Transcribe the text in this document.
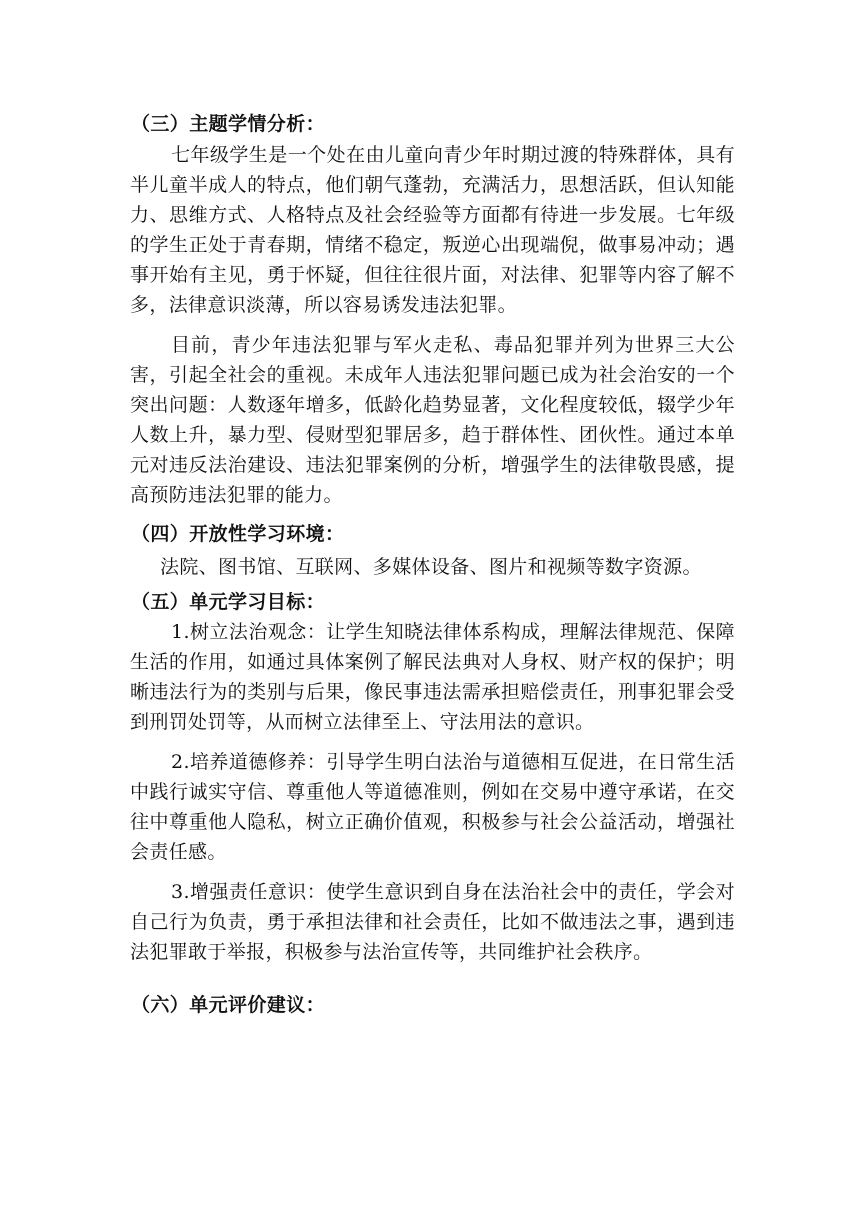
（三）主题学情分析：

七年级学生是一个处在由儿童向青少年时期过渡的特殊群体，具有半儿童半成人的特点，他们朝气蓬勃，充满活力，思想活跃，但认知能力、思维方式、人格特点及社会经验等方面都有待进一步发展。七年级的学生正处于青春期，情绪不稳定，叛逆心出现端倪，做事易冲动；遇事开始有主见，勇于怀疑，但往往很片面，对法律、犯罪等内容了解不多，法律意识淡薄，所以容易诱发违法犯罪。

目前，青少年违法犯罪与军火走私、毒品犯罪并列为世界三大公害，引起全社会的重视。未成年人违法犯罪问题已成为社会治安的一个突出问题：人数逐年增多，低龄化趋势显著，文化程度较低，辍学少年人数上升，暴力型、侵财型犯罪居多，趋于群体性、团伙性。通过本单元对违反法治建设、违法犯罪案例的分析，增强学生的法律敬畏感，提高预防违法犯罪的能力。

（四）开放性学习环境：

法院、图书馆、互联网、多媒体设备、图片和视频等数字资源。

（五）单元学习目标：

1.树立法治观念：让学生知晓法律体系构成，理解法律规范、保障生活的作用，如通过具体案例了解民法典对人身权、财产权的保护；明晰违法行为的类别与后果，像民事违法需承担赔偿责任，刑事犯罪会受到刑罚处罚等，从而树立法律至上、守法用法的意识。

2.培养道德修养：引导学生明白法治与道德相互促进，在日常生活中践行诚实守信、尊重他人等道德准则，例如在交易中遵守承诺，在交往中尊重他人隐私，树立正确价值观，积极参与社会公益活动，增强社会责任感。

3.增强责任意识：使学生意识到自身在法治社会中的责任，学会对自己行为负责，勇于承担法律和社会责任，比如不做违法之事，遇到违法犯罪敢于举报，积极参与法治宣传等，共同维护社会秩序。

（六）单元评价建议：
